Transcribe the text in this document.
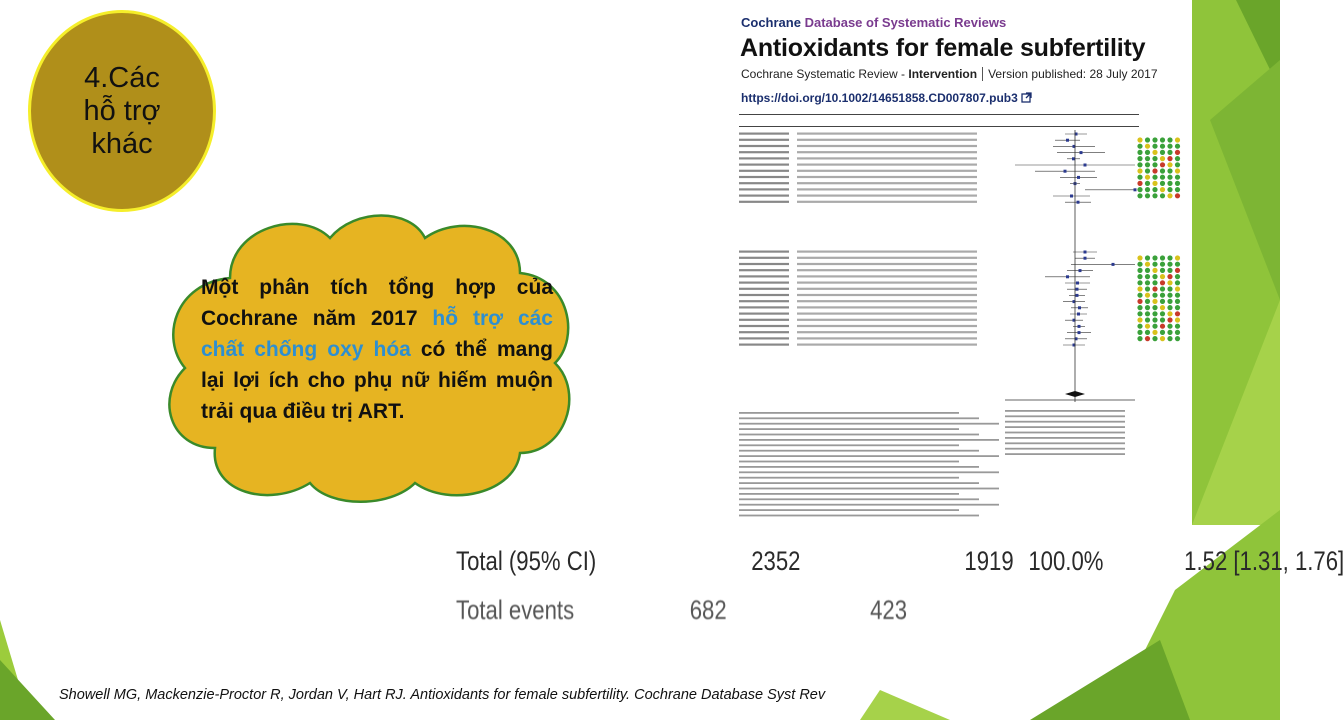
4.Các
hỗ trợ
khác
Một phân tích tổng hợp của Cochrane năm 2017 hỗ trợ các chất chống oxy hóa có thể mang lại lợi ích cho phụ nữ hiếm muộn trải qua điều trị ART.
Cochrane Database of Systematic Reviews
Antioxidants for female subfertility
Cochrane Systematic Review - Intervention Version published: 28 July 2017
https://doi.org/10.1002/14651858.CD007807.pub3
Total (95% CI)	2352	1919 100.0%	1.52 [1.31, 1.76]
Total events	682	423
Showell MG, Mackenzie-Proctor R, Jordan V, Hart RJ. Antioxidants for female subfertility. Cochrane Database Syst Rev
